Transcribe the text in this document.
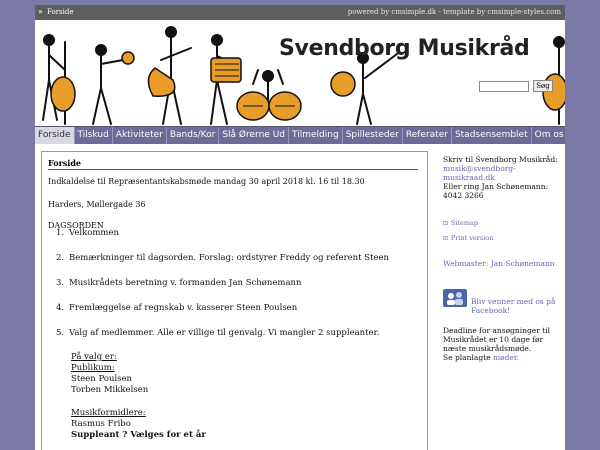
» Forside	powered by cmsimple.dk - template by cmsimple-styles.com
Svendborg Musikråd
Søg
Forside Tilskud Aktiviteter Bands/Kor Slå Ørerne Ud Tilmelding Spillesteder Referater Stadsensemblet Om os
Forside

Indkaldelse til Repræsentantskabsmøde mandag 30 april 2018 kl. 16 til 18.30

Harders, Møllergade 36

DAGSORDEN

1. Velkommen
2. Bemærkninger til dagsorden. Forslag: ordstyrer Freddy og referent Steen
3. Musikrådets beretning v. formanden Jan Schønemann
4. Fremlæggelse af regnskab v. kasserer Steen Poulsen
5. Valg af medlemmer. Alle er villige til genvalg. Vi mangler 2 suppleanter.
På valg er:
Publikum:
Steen Poulsen
Torben Mikkelsen
Musikformidlere:
Rasmus Fribo
Suppleant ? Vælges for et år
Skriv til Svendborg Musikråd:
musik@svendborg-musikraad.dk
Eller ring Jan Schønemann:
4042 3266
⊡ Sitemap
⊡ Print version
Webmaster: Jan Schønemann
Bliv venner med os på Facebook!
Deadline for ansøgninger til Musikrådet er 10 dage før næste musikrådsmøde.
Se planlagte møder.
